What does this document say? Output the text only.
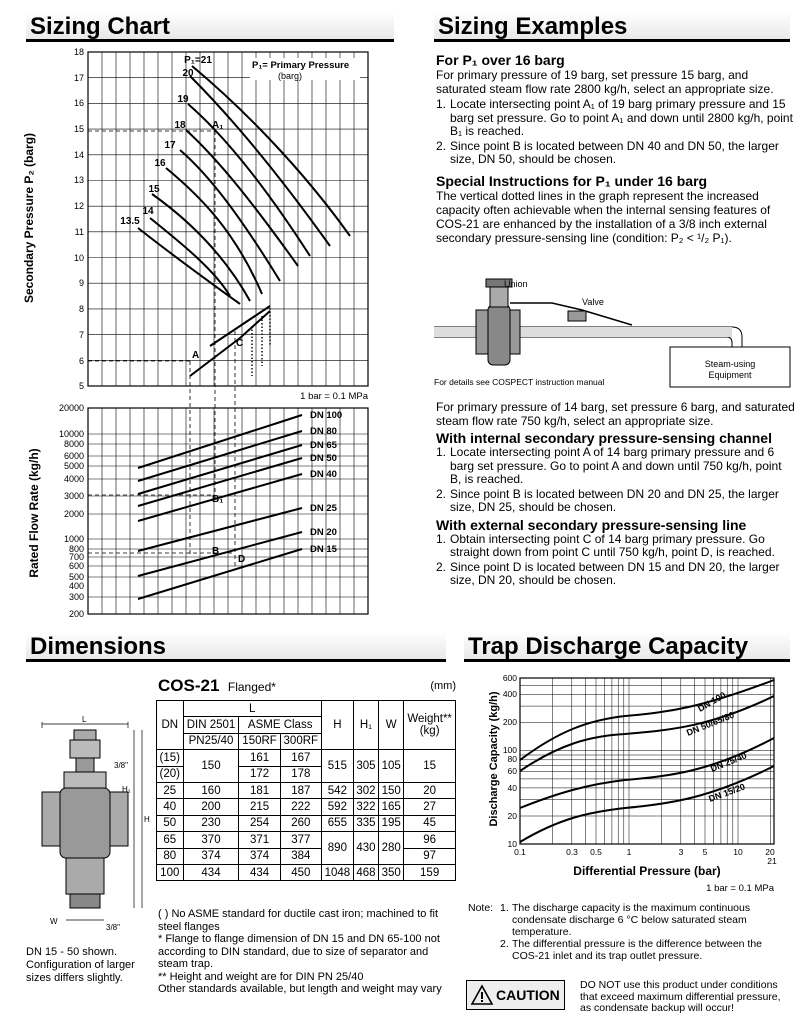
Sizing Chart
Secondary Pressure P₂ (barg)
Rated Flow Rate (kg/h)
18
17
16
15
14
13
12
11
10
9
8
7
6
5
P₁= Primary Pressure
(barg)
P₁=21
20
19
18
17
16
15
14
13.5
A
A₁
C
1 bar = 0.1 MPa
20000
10000
8000
6000
5000
4000
3000
2000
1000
800
700
600
500
400
300
200
DN 100
DN 80
DN 65
DN 50
DN 40
DN 25
DN 20
DN 15
B₁
B
D
Sizing Examples
For P₁ over 16 barg
For primary pressure of 19 barg, set pressure 15 barg, and saturated steam flow rate 2800 kg/h, select an appropriate size.
1. Locate intersecting point A₁ of 19 barg primary pressure and 15 barg set pressure. Go to point A₁ and down until 2800 kg/h, point B₁ is reached.
2. Since point B is located between DN 40 and DN 50, the larger size, DN 50, should be chosen.
Special Instructions for P₁ under 16 barg
The vertical dotted lines in the graph represent the increased capacity often achievable when the internal sensing features of COS-21 are enhanced by the installation of a 3/8 inch external secondary pressure-sensing line (condition: P₂ < ¹/₂ P₁).
Union
Valve
Steam-using Equipment
For details see COSPECT instruction manual
For primary pressure of 14 barg, set pressure 6 barg, and saturated steam flow rate 750 kg/h, select an appropriate size.
With internal secondary pressure-sensing channel
1. Locate intersecting point A of 14 barg primary pressure and 6 barg set pressure. Go to point A and down until 750 kg/h, point B, is reached.
2. Since point B is located between DN 20 and DN 25, the larger size, DN 25, should be chosen.
With external secondary pressure-sensing line
1. Obtain intersecting point C of 14 barg primary pressure. Go straight down from point C until 750 kg/h, point D, is reached.
2. Since point D is located between DN 15 and DN 20, the larger size, DN 20, should be chosen.
Dimensions
L
H₁
H
W
3/8"
3/8"
DN 15 - 50 shown. Configuration of larger sizes differs slightly.
COS-21 Flanged*	(mm)
DN	L			H	H₁	W	Weight**
(kg)

	DIN 2501	ASME Class					
	PN25/40	150RF	300RF				
(15)	150	161	167	515	305	105	15
(20)		172	178				
25	160	181	187	542	302	150	20
40	200	215	222	592	322	165	27
50	230	254	260	655	335	195	45
65	370	371	377	890	430	280	96
80	374	374	384				97
100	434	434	450	1048	468	350	159
( ) No ASME standard for ductile cast iron; machined to fit steel flanges
* Flange to flange dimension of DN 15 and DN 65-100 not according to DIN standard, due to size of separator and steam trap.
** Height and weight are for DIN PN 25/40
Other standards available, but length and weight may vary
Trap Discharge Capacity
Discharge Capacity (kg/h)	DN 100
DN 50/65/80
DN 25/40
DN 15/20
600
400
200
100
80
60
40
20
10
0.1	0.3 0.5	1	3 5	10	20
21
Differential Pressure (bar)
1 bar = 0.1 MPa
Note: 1. The discharge capacity is the maximum continuous condensate discharge 6 °C below saturated steam temperature.
2. The differential pressure is the difference between the COS-21 inlet and its trap outlet pressure.
CAUTION
DO NOT use this product under conditions that exceed maximum differential pressure, as condensate backup will occur!
